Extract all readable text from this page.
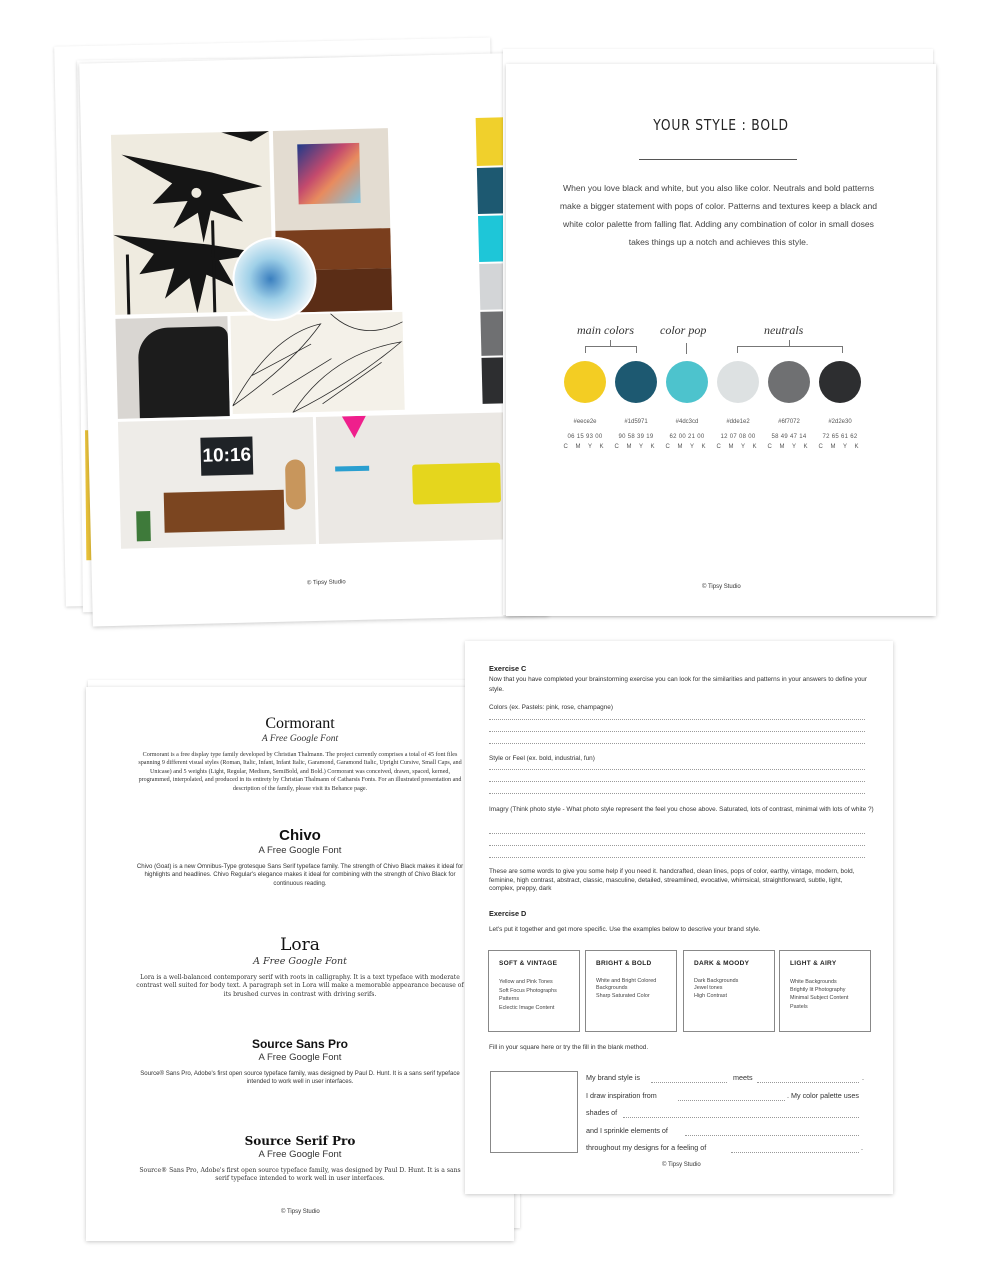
10:16
© Tipsy Studio
YOUR STYLE : BOLD
When you love black and white, but you also like color. Neutrals and bold patterns make a bigger statement with pops of color. Patterns and textures keep a black and white color palette from falling flat. Adding any combination of color in small doses takes things up a notch and achieves this style.
main colors color pop	neutrals
#eece2e	#1d5971	#4dc3cd	#dde1e2	#6f7072	#2d2e30
06 15 93 00	90 58 39 19	62 00 21 00	12 07 08 00	58 49 47 14	72 65 61 62
C M Y K	C M Y K	C M Y K	C M Y K	C M Y K	C M Y K
© Tipsy Studio
Cormorant
A Free Google Font
Cormorant is a free display type family developed by Christian Thalmann. The project currently comprises a total of 45 font files spanning 9 different visual styles (Roman, Italic, Infant, Infant Italic, Garamond, Garamond Italic, Upright Cursive, Small Caps, and Unicase) and 5 weights (Light, Regular, Medium, SemiBold, and Bold.) Cormorant was conceived, drawn, spaced, kerned, programmed, interpolated, and produced in its entirety by Christian Thalmann of Catharsis Fonts. For an illustrated presentation and description of the family, please visit its Behance page.
Chivo
A Free Google Font
Chivo (Goat) is a new Omnibus-Type grotesque Sans Serif typeface family. The strength of Chivo Black makes it ideal for highlights and headlines. Chivo Regular's elegance makes it ideal for combining with the strength of Chivo Black for continuous reading.
Lora
A Free Google Font
Lora is a well-balanced contemporary serif with roots in calligraphy. It is a text typeface with moderate contrast well suited for body text. A paragraph set in Lora will make a memorable appearance because of its brushed curves in contrast with driving serifs.
Source Sans Pro
A Free Google Font
Source® Sans Pro, Adobe's first open source typeface family, was designed by Paul D. Hunt. It is a sans serif typeface intended to work well in user interfaces.
Source Serif Pro
A Free Google Font
Source® Sans Pro, Adobe's first open source typeface family, was designed by Paul D. Hunt. It is a sans serif typeface intended to work well in user interfaces.
© Tipsy Studio
Exercise C
Now that you have completed your brainstorming exercise you can look for the similarities and patterns in your answers to define your style.
Colors (ex. Pastels: pink, rose, champagne)
Style or Feel (ex. bold, industrial, fun)
Imagry (Think photo style - What photo style represent the feel you chose above. Saturated, lots of contrast, minimal with lots of white ?)
These are some words to give you some help if you need it. handcrafted, clean lines, pops of color, earthy, vintage, modern, bold, feminine, high contrast, abstract, classic, masculine, detailed, streamlined, evocative, whimsical, straightforward, subtle, light, complex, preppy, dark
Exercise D
Let's put it together and get more specific. Use the examples below to descrive your brand style.
SOFT & VINTAGE
Yellow and Pink Tones
Soft Focus Photographs
Patterns
Eclectic Image Content
BRIGHT & BOLD
White and Bright Colored
Backgrounds
Sharp Saturated Color
DARK & MOODY
Dark Backgrounds
Jewel tones
High Contrast
LIGHT & AIRY
White Backgrounds
Brightly lit Photography
Minimal Subject Content
Pastels
Fill in your square here or try the fill in the blank method.
My brand style is	meets	.
I draw inspiration from	. My color palette uses
shades of
and I sprinkle elements of
throughout my designs for a feeling of	.
© Tipsy Studio
